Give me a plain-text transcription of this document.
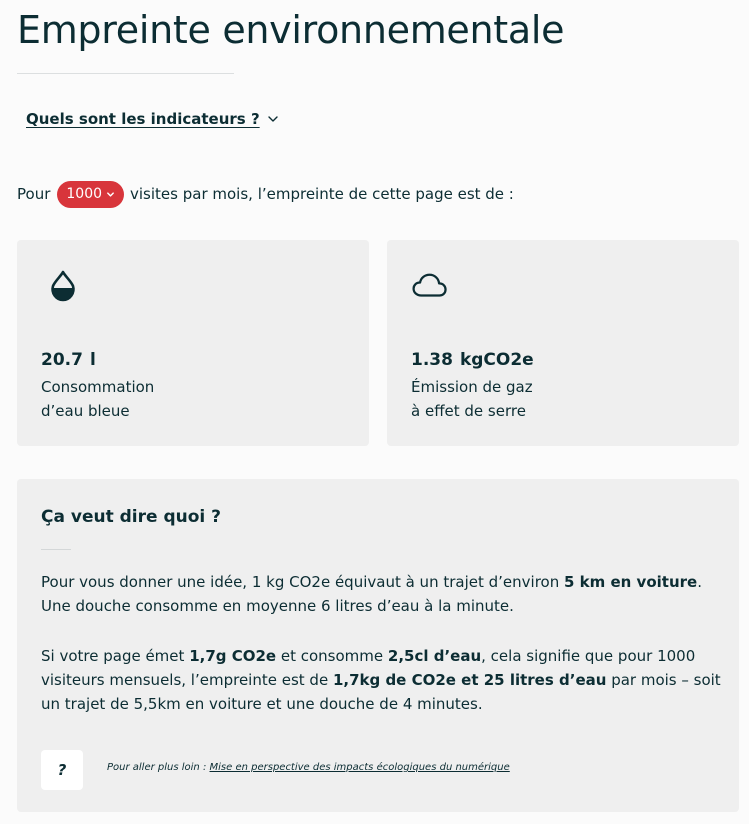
Empreinte environnementale
Quels sont les indicateurs ?
Pour 1000 visites par mois, l’empreinte de cette page est de :
20.7 l
Consommation
d’eau bleue
1.38 kgCO2e
Émission de gaz
à effet de serre
Ça veut dire quoi ?

Pour vous donner une idée, 1 kg CO2e équivaut à un trajet d’environ 5 km en voiture. Une douche consomme en moyenne 6 litres d’eau à la minute.

Si votre page émet 1,7g CO2e et consomme 2,5cl d’eau, cela signifie que pour 1000 visiteurs mensuels, l’empreinte est de 1,7kg de CO2e et 25 litres d’eau par mois – soit un trajet de 5,5km en voiture et une douche de 4 minutes.

?	Pour aller plus loin : Mise en perspective des impacts écologiques du numérique
